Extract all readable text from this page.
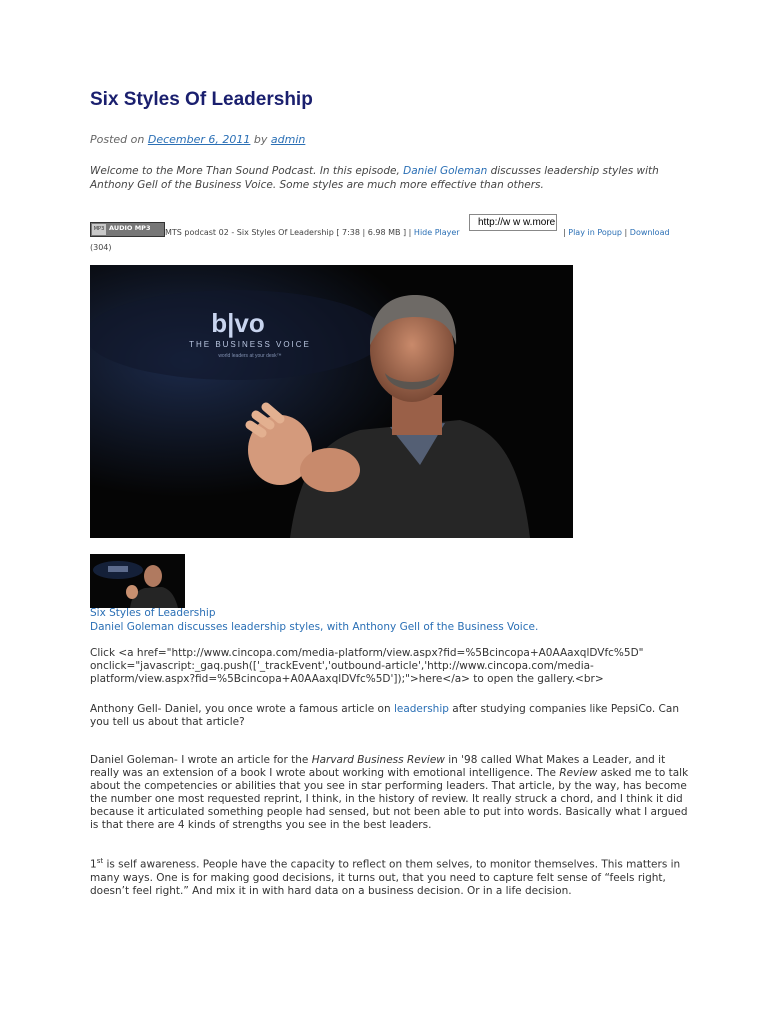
Six Styles Of Leadership
Posted on December 6, 2011 by admin
Welcome to the More Than Sound Podcast. In this episode, Daniel Goleman discusses leadership styles with Anthony Gell of the Business Voice. Some styles are much more effective than others.
MP3 AUDIO MP3 MTS podcast 02 - Six Styles Of Leadership [ 7:38 | 6.98 MB ] | Hide Player
http://w w w.more
| Play in Popup | Download
(304)
b|vo
THE BUSINESS VOICE
world leaders at your desk™
Six Styles of Leadership
Daniel Goleman discusses leadership styles, with Anthony Gell of the Business Voice.
Click <a href="http://www.cincopa.com/media-platform/view.aspx?fid=%5Bcincopa+A0AAaxqlDVfc%5D" onclick="javascript:_gaq.push(['_trackEvent','outbound-article','http://www.cincopa.com/media-platform/view.aspx?fid=%5Bcincopa+A0AAaxqlDVfc%5D']);">here</a> to open the gallery.<br>
Anthony Gell- Daniel, you once wrote a famous article on leadership after studying companies like PepsiCo. Can you tell us about that article?
Daniel Goleman- I wrote an article for the Harvard Business Review in '98 called What Makes a Leader, and it really was an extension of a book I wrote about working with emotional intelligence. The Review asked me to talk about the competencies or abilities that you see in star performing leaders. That article, by the way, has become the number one most requested reprint, I think, in the history of review. It really struck a chord, and I think it did because it articulated something people had sensed, but not been able to put into words. Basically what I argued is that there are 4 kinds of strengths you see in the best leaders.
1st is self awareness. People have the capacity to reflect on them selves, to monitor themselves. This matters in many ways. One is for making good decisions, it turns out, that you need to capture felt sense of “feels right, doesn’t feel right.” And mix it in with hard data on a business decision. Or in a life decision.
